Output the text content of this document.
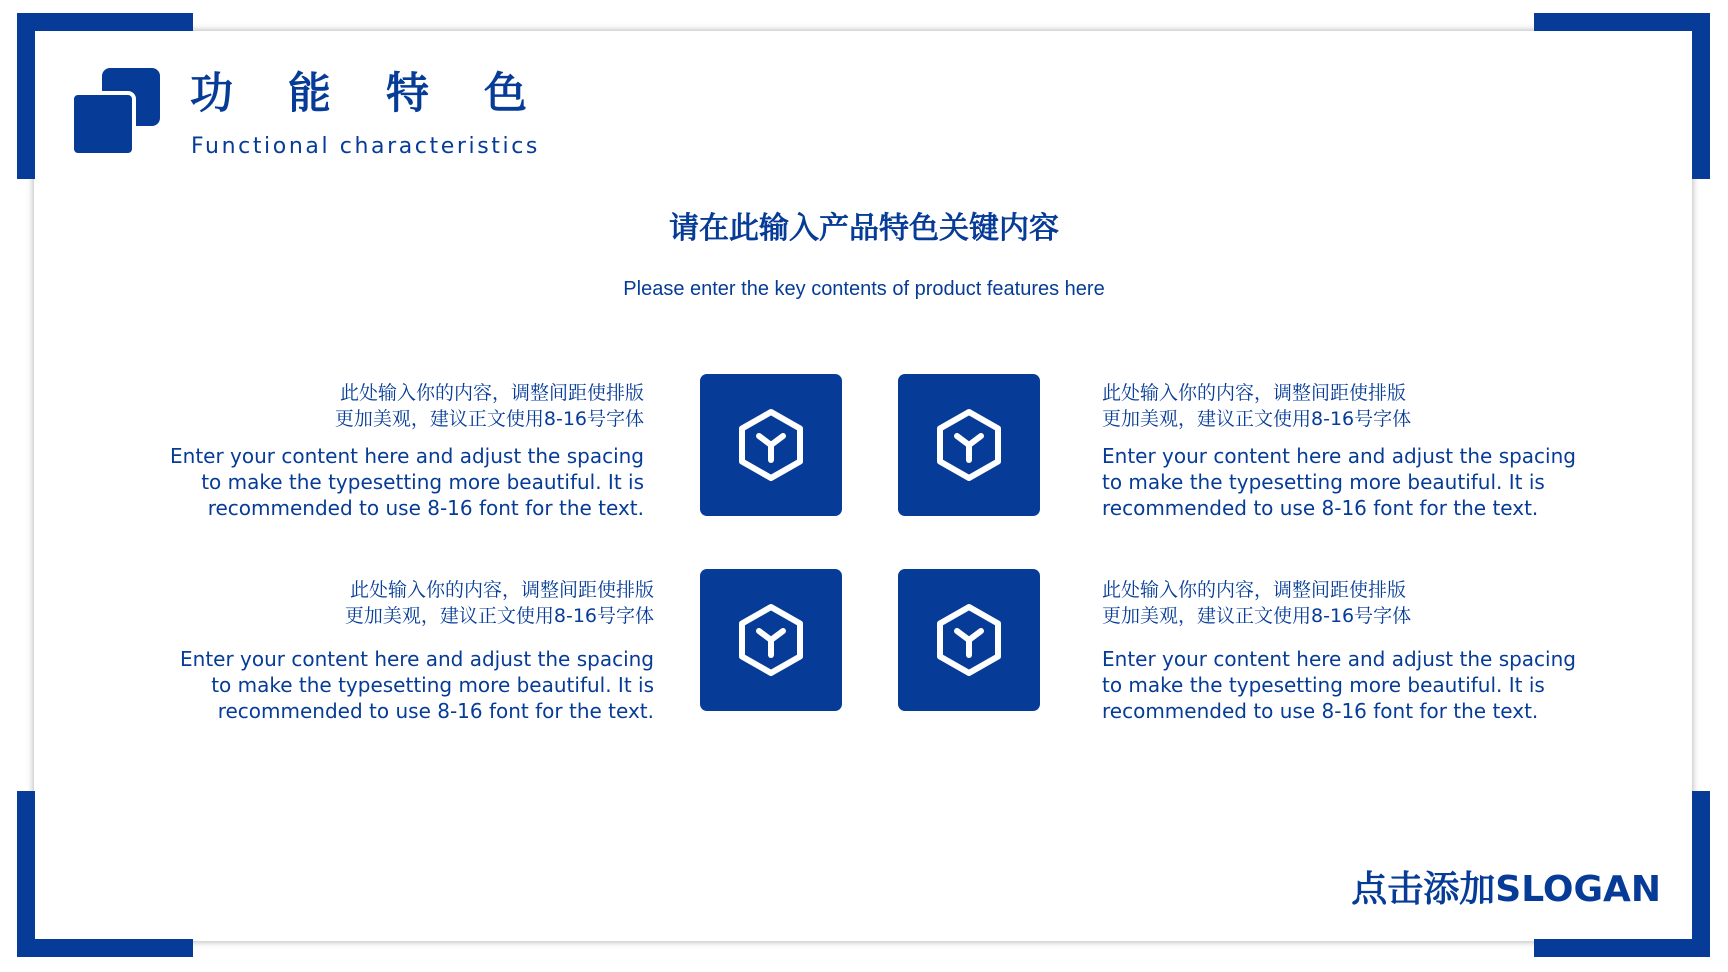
功能特色
Functional characteristics
请在此输入产品特色关键内容
Please enter the key contents of product features here
此处输入你的内容，调整间距使排版
更加美观，建议正文使用8-16号字体
Enter your content here and adjust the spacing
to make the typesetting more beautiful. It is
recommended to use 8-16 font for the text.
此处输入你的内容，调整间距使排版
更加美观，建议正文使用8-16号字体
Enter your content here and adjust the spacing
to make the typesetting more beautiful. It is
recommended to use 8-16 font for the text.
此处输入你的内容，调整间距使排版
更加美观，建议正文使用8-16号字体
Enter your content here and adjust the spacing
to make the typesetting more beautiful. It is
recommended to use 8-16 font for the text.
此处输入你的内容，调整间距使排版
更加美观，建议正文使用8-16号字体
Enter your content here and adjust the spacing
to make the typesetting more beautiful. It is
recommended to use 8-16 font for the text.
点击添加SLOGAN
